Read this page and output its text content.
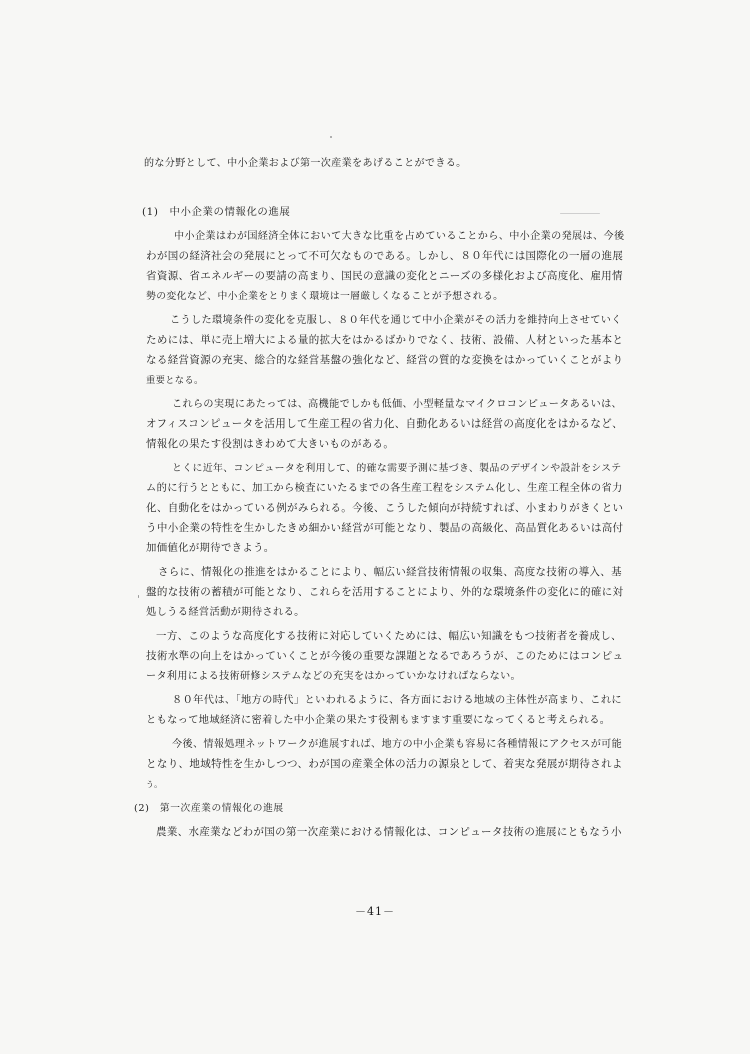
的な分野として、中小企業および第一次産業をあげることができる。
(1)　中小企業の情報化の進展
中小企業はわが国経済全体において大きな比重を占めていることから、中小企業の発展は、今後
わが国の経済社会の発展にとって不可欠なものである。しかし、８０年代には国際化の一層の進展
省資源、省エネルギーの要請の高まり、国民の意識の変化とニーズの多様化および高度化、雇用情
勢の変化など、中小企業をとりまく環境は一層厳しくなることが予想される。
こうした環境条件の変化を克服し、８０年代を通じて中小企業がその活力を維持向上させていく
ためには、単に売上増大による量的拡大をはかるばかりでなく、技術、設備、人材といった基本と
なる経営資源の充実、総合的な経営基盤の強化など、経営の質的な変換をはかっていくことがより
重要となる。
これらの実現にあたっては、高機能でしかも低価、小型軽量なマイクロコンピュータあるいは、
オフィスコンピュータを活用して生産工程の省力化、自動化あるいは経営の高度化をはかるなど、
情報化の果たす役割はきわめて大きいものがある。
とくに近年、コンピュータを利用して、的確な需要予測に基づき、製品のデザインや設計をシステ
ム的に行うとともに、加工から検査にいたるまでの各生産工程をシステム化し、生産工程全体の省力
化、自動化をはかっている例がみられる。今後、こうした傾向が持続すれば、小まわりがきくとい
う中小企業の特性を生かしたきめ細かい経営が可能となり、製品の高級化、高品質化あるいは高付
加価値化が期待できよう。
さらに、情報化の推進をはかることにより、幅広い経営技術情報の収集、高度な技術の導入、基
盤的な技術の蓄積が可能となり、これらを活用することにより、外的な環境条件の変化に的確に対
処しうる経営活動が期待される。
一方、このような高度化する技術に対応していくためには、幅広い知識をもつ技術者を養成し、
技術水準の向上をはかっていくことが今後の重要な課題となるであろうが、このためにはコンピュ
ータ利用による技術研修システムなどの充実をはかっていかなければならない。
８０年代は、「地方の時代」といわれるように、各方面における地域の主体性が高まり、これに
ともなって地域経済に密着した中小企業の果たす役割もますます重要になってくると考えられる。
今後、情報処理ネットワークが進展すれば、地方の中小企業も容易に各種情報にアクセスが可能
となり、地域特性を生かしつつ、わが国の産業全体の活力の源泉として、着実な発展が期待されよ
う。
(2)　第一次産業の情報化の進展
農業、水産業などわが国の第一次産業における情報化は、コンピュータ技術の進展にともなう小
－41－
